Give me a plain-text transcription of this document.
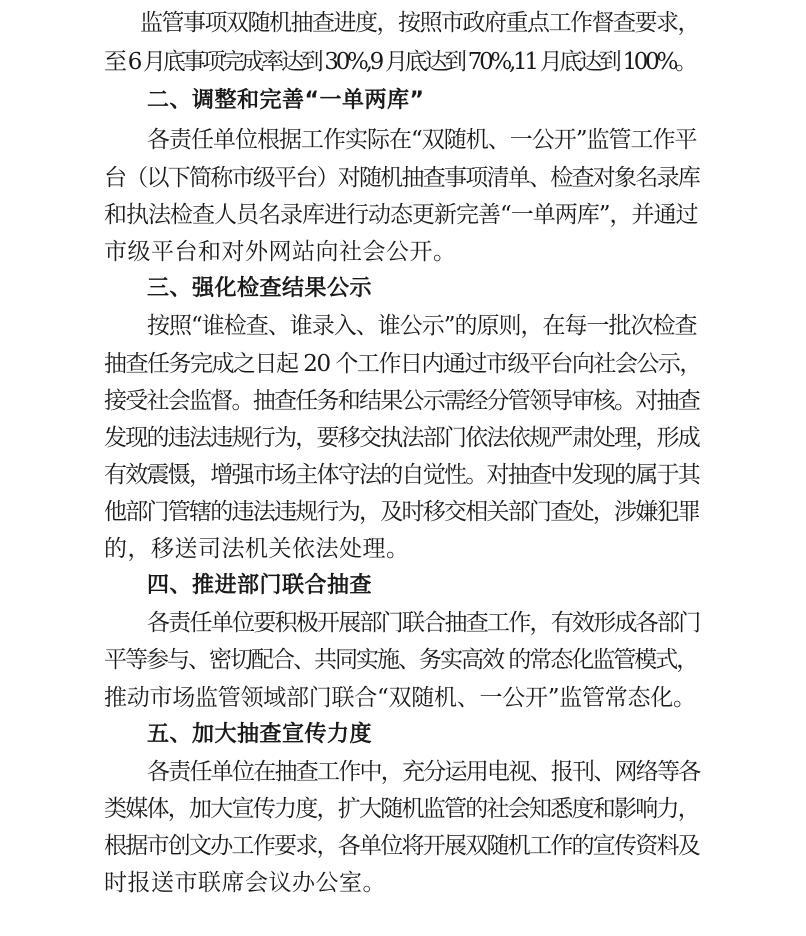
监管事项双随机抽查进度，按照市政府重点工作督查要求，
至 6 月底事项完成率达到 30%,9 月底达到 70%,11 月底达到 100%。
二、调整和完善“一单两库”
各责任单位根据工作实际在“双随机、一公开”监管工作平
台（以下简称市级平台）对随机抽查事项清单、检查对象名录库
和执法检查人员名录库进行动态更新完善“一单两库”，并通过
市级平台和对外网站向社会公开。
三、强化检查结果公示
按照“谁检查、谁录入、谁公示”的原则，在每一批次检查
抽查任务完成之日起 20 个工作日内通过市级平台向社会公示，
接受社会监督。抽查任务和结果公示需经分管领导审核。对抽查
发现的违法违规行为，要移交执法部门依法依规严肃处理，形成
有效震慑，增强市场主体守法的自觉性。对抽查中发现的属于其
他部门管辖的违法违规行为，及时移交相关部门查处，涉嫌犯罪
的，移送司法机关依法处理。
四、推进部门联合抽查
各责任单位要积极开展部门联合抽查工作，有效形成各部门
平等参与、密切配合、共同实施、务实高效 的常态化监管模式，
推动市场监管领域部门联合“双随机、一公开”监管常态化。
五、加大抽查宣传力度
各责任单位在抽查工作中，充分运用电视、报刊、网络等各
类媒体，加大宣传力度，扩大随机监管的社会知悉度和影响力，
根据市创文办工作要求，各单位将开展双随机工作的宣传资料及
时报送市联席会议办公室。
